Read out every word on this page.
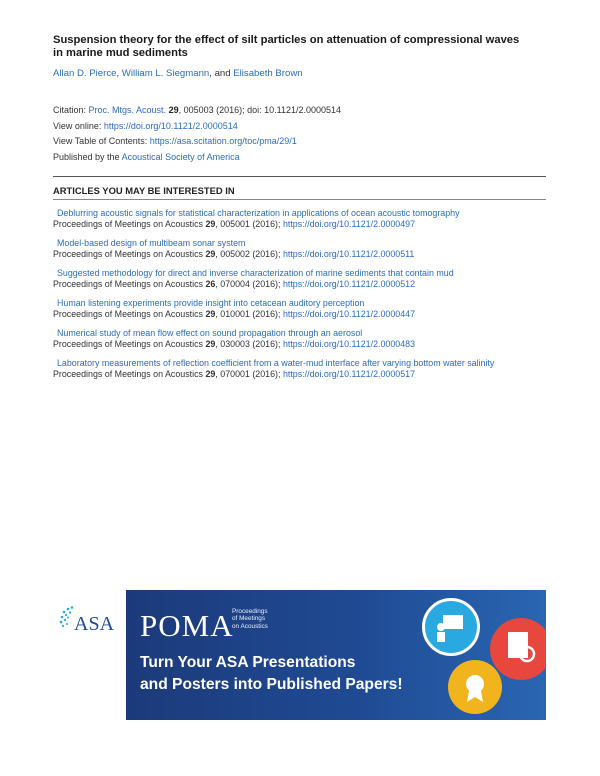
Suspension theory for the effect of silt particles on attenuation of compressional waves in marine mud sediments
Allan D. Pierce, William L. Siegmann, and Elisabeth Brown
Citation: Proc. Mtgs. Acoust. 29, 005003 (2016); doi: 10.1121/2.0000514
View online: https://doi.org/10.1121/2.0000514
View Table of Contents: https://asa.scitation.org/toc/pma/29/1
Published by the Acoustical Society of America
ARTICLES YOU MAY BE INTERESTED IN
Deblurring acoustic signals for statistical characterization in applications of ocean acoustic tomography
Proceedings of Meetings on Acoustics 29, 005001 (2016); https://doi.org/10.1121/2.0000497
Model-based design of multibeam sonar system
Proceedings of Meetings on Acoustics 29, 005002 (2016); https://doi.org/10.1121/2.0000511
Suggested methodology for direct and inverse characterization of marine sediments that contain mud
Proceedings of Meetings on Acoustics 26, 070004 (2016); https://doi.org/10.1121/2.0000512
Human listening experiments provide insight into cetacean auditory perception
Proceedings of Meetings on Acoustics 29, 010001 (2016); https://doi.org/10.1121/2.0000447
Numerical study of mean flow effect on sound propagation through an aerosol
Proceedings of Meetings on Acoustics 29, 030003 (2016); https://doi.org/10.1121/2.0000483
Laboratory measurements of reflection coefficient from a water-mud interface after varying bottom water salinity
Proceedings of Meetings on Acoustics 29, 070001 (2016); https://doi.org/10.1121/2.0000517
ASA POMA
Proceedings
of Meetings
on Acoustics
Turn Your ASA Presentations
and Posters into Published Papers!
